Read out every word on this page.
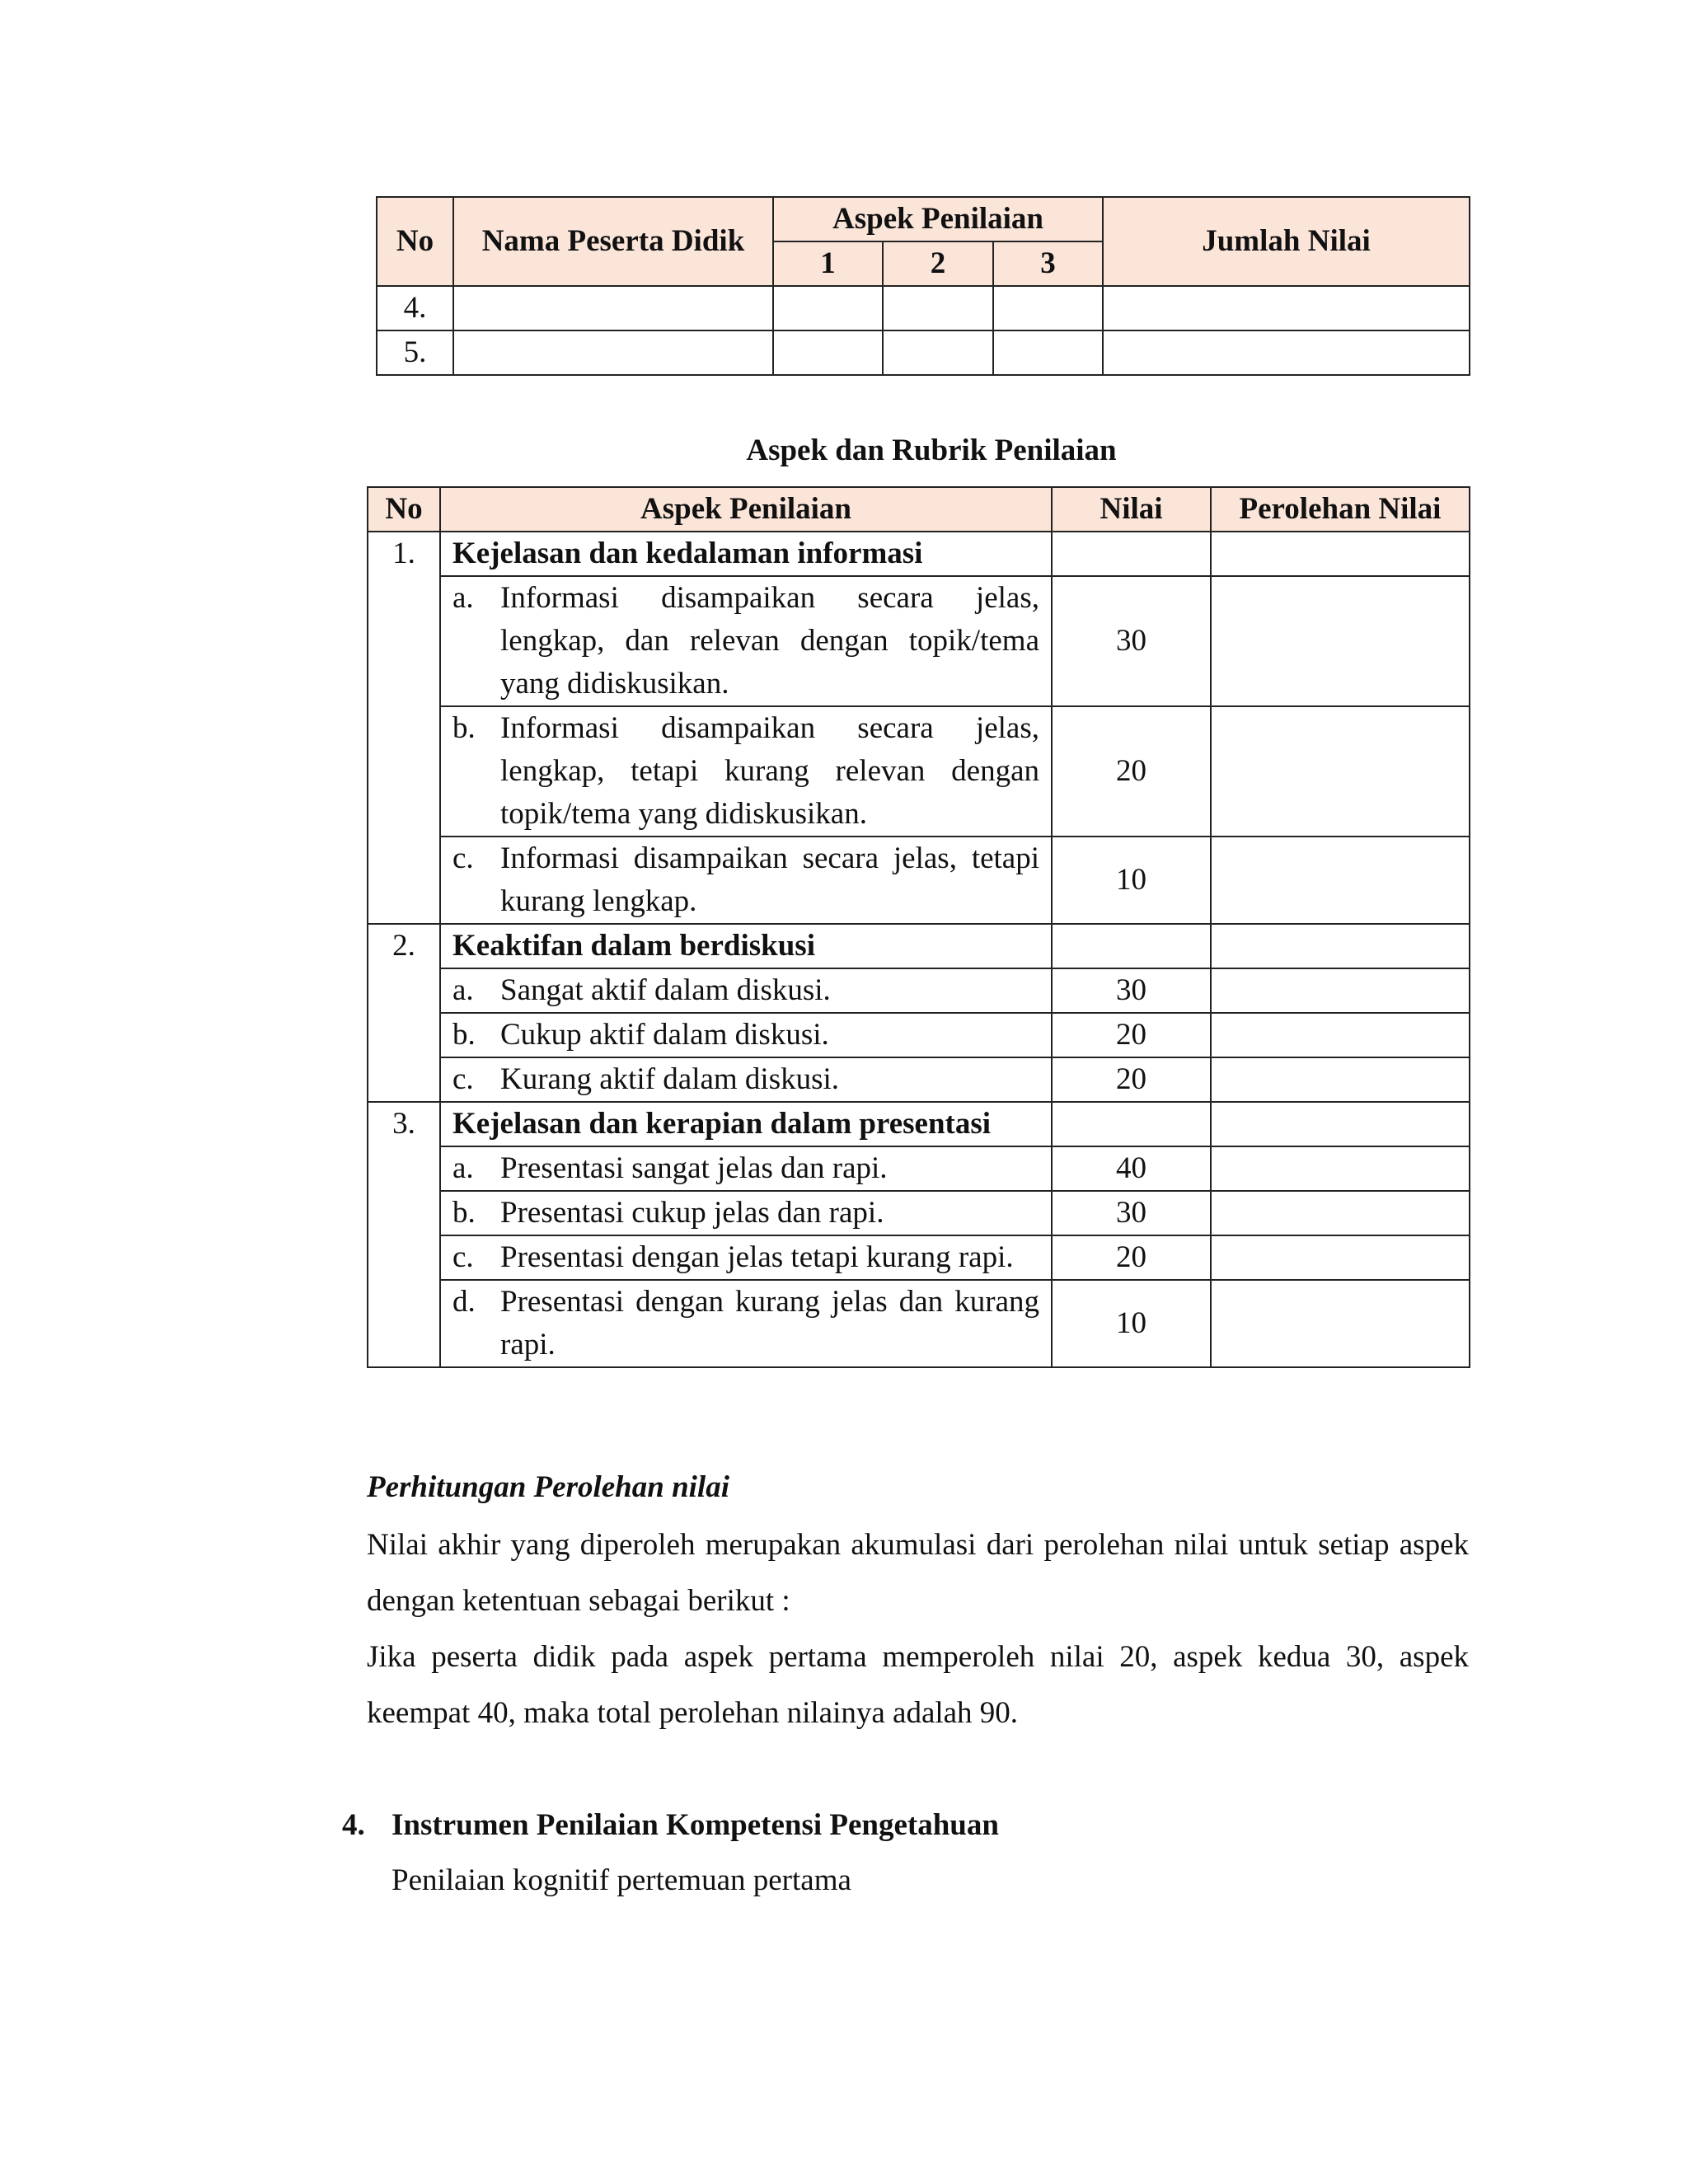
No	Nama Peserta Didik	Aspek Penilaian			Jumlah Nilai
		1	2	3	
4.					
5.					
Aspek dan Rubrik Penilaian
No	Aspek Penilaian	Nilai	Perolehan Nilai
1.	Kejelasan dan kedalaman informasi		

	a. Informasi disampaikan secara jelas, lengkap, dan relevan dengan topik/tema yang didiskusikan.	30	

	b. Informasi disampaikan secara jelas, lengkap, tetapi kurang relevan dengan topik/tema yang didiskusikan.	20	

	c. Informasi disampaikan secara jelas, tetapi kurang lengkap.	10	
2.	Keaktifan dalam berdiskusi		

	a. Sangat aktif dalam diskusi.	30	

	b. Cukup aktif dalam diskusi.	20	

	c. Kurang aktif dalam diskusi.	20	
3.	Kejelasan dan kerapian dalam presentasi		

	a. Presentasi sangat jelas dan rapi.	40	

	b. Presentasi cukup jelas dan rapi.	30	

	c. Presentasi dengan jelas tetapi kurang rapi.	20	

	d. Presentasi dengan kurang jelas dan kurang rapi.	10	
Perhitungan Perolehan nilai
Nilai akhir yang diperoleh merupakan akumulasi dari perolehan nilai untuk setiap aspek dengan ketentuan sebagai berikut :
Jika peserta didik pada aspek pertama memperoleh nilai 20, aspek kedua 30, aspek keempat 40, maka total perolehan nilainya adalah 90.
4. Instrumen Penilaian Kompetensi Pengetahuan
Penilaian kognitif pertemuan pertama
